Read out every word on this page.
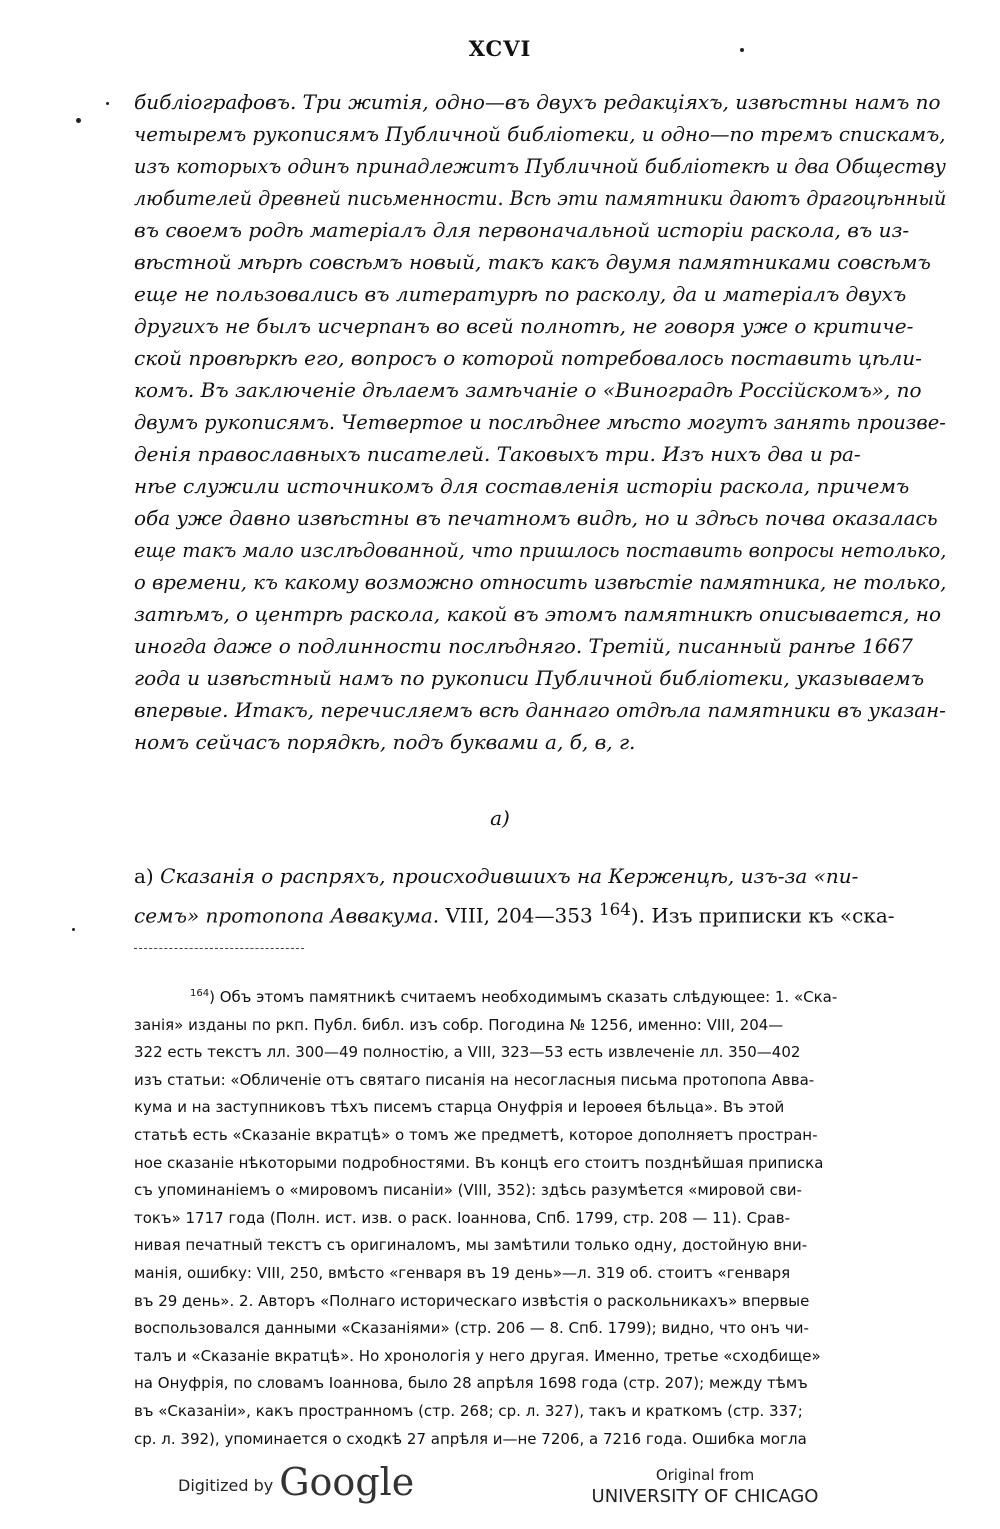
XCVI
библіографовъ. Три житія, одно—въ двухъ редакціяхъ, извѣстны намъ по
четыремъ рукописямъ Публичной библіотеки, и одно—по тремъ спискамъ,
изъ которыхъ одинъ принадлежитъ Публичной библіотекѣ и два Обществу
любителей древней письменности. Всѣ эти памятники даютъ драгоцѣнный
въ своемъ родѣ матеріалъ для первоначальной исторіи раскола, въ из-
вѣстной мѣрѣ совсѣмъ новый, такъ какъ двумя памятниками совсѣмъ
еще не пользовались въ литературѣ по расколу, да и матеріалъ двухъ
другихъ не былъ исчерпанъ во всей полнотѣ, не говоря уже о критиче-
ской провѣркѣ его, вопросъ о которой потребовалось поставить цѣли-
комъ. Въ заключеніе дѣлаемъ замѣчаніе о «Виноградѣ Россійскомъ», по
двумъ рукописямъ. Четвертое и послѣднее мѣсто могутъ занять произве-
денія православныхъ писателей. Таковыхъ три. Изъ нихъ два и ра-
нѣе служили источникомъ для составленія исторіи раскола, причемъ
оба уже давно извѣстны въ печатномъ видѣ, но и здѣсь почва оказалась
еще такъ мало изслѣдованной, что пришлось поставить вопросы нетолько,
о времени, къ какому возможно относить извѣстіе памятника, не только,
затѣмъ, о центрѣ раскола, какой въ этомъ памятникѣ описывается, но
иногда даже о подлинности послѣдняго. Третій, писанный ранѣе 1667
года и извѣстный намъ по рукописи Публичной библіотеки, указываемъ
впервые. Итакъ, перечисляемъ всѣ даннаго отдѣла памятники въ указан-
номъ сейчасъ порядкѣ, подъ буквами а, б, в, г.
а)
а) Сказанія о распряхъ, происходившихъ на Керженцѣ, изъ-за «пи-
семъ» протопопа Аввакума. VIII, 204—353 $^{164}$). Изъ приписки къ «ска-
$^{164}$) Объ этомъ памятникѣ считаемъ необходимымъ сказать слѣдующее: 1. «Ска-
занія» изданы по ркп. Публ. библ. изъ собр. Погодина № 1256, именно: VIII, 204—
322 есть текстъ лл. 300—49 полностію, а VIII, 323—53 есть извлеченіе лл. 350—402
изъ статьи: «Обличеніе отъ святаго писанія на несогласныя письма протопопа Авва-
кума и на заступниковъ тѣхъ писемъ старца Онуфрія и Іероѳея бѣльца». Въ этой
статьѣ есть «Сказаніе вкратцѣ» о томъ же предметѣ, которое дополняетъ простран-
ное сказаніе нѣкоторыми подробностями. Въ концѣ его стоитъ позднѣйшая приписка
съ упоминаніемъ о «мировомъ писаніи» (VIII, 352): здѣсь разумѣется «мировой сви-
токъ» 1717 года (Полн. ист. изв. о раск. Іоаннова, Спб. 1799, стр. 208 — 11). Срав-
нивая печатный текстъ съ оригиналомъ, мы замѣтили только одну, достойную вни-
манія, ошибку: VIII, 250, вмѣсто «генваря въ 19 день»—л. 319 об. стоитъ «генваря
въ 29 день». 2. Авторъ «Полнаго историческаго извѣстія о раскольникахъ» впервые
воспользовался данными «Сказаніями» (стр. 206 — 8. Спб. 1799); видно, что онъ чи-
талъ и «Сказаніе вкратцѣ». Но хронологія у него другая. Именно, третье «сходбище»
на Онуфрія, по словамъ Іоаннова, было 28 апрѣля 1698 года (стр. 207); между тѣмъ
въ «Сказаніи», какъ пространномъ (стр. 268; ср. л. 327), такъ и краткомъ (стр. 337;
ср. л. 392), упоминается о сходкѣ 27 апрѣля и—не 7206, а 7216 года. Ошибка могла
Digitized by Google	Original from
UNIVERSITY OF CHICAGO
